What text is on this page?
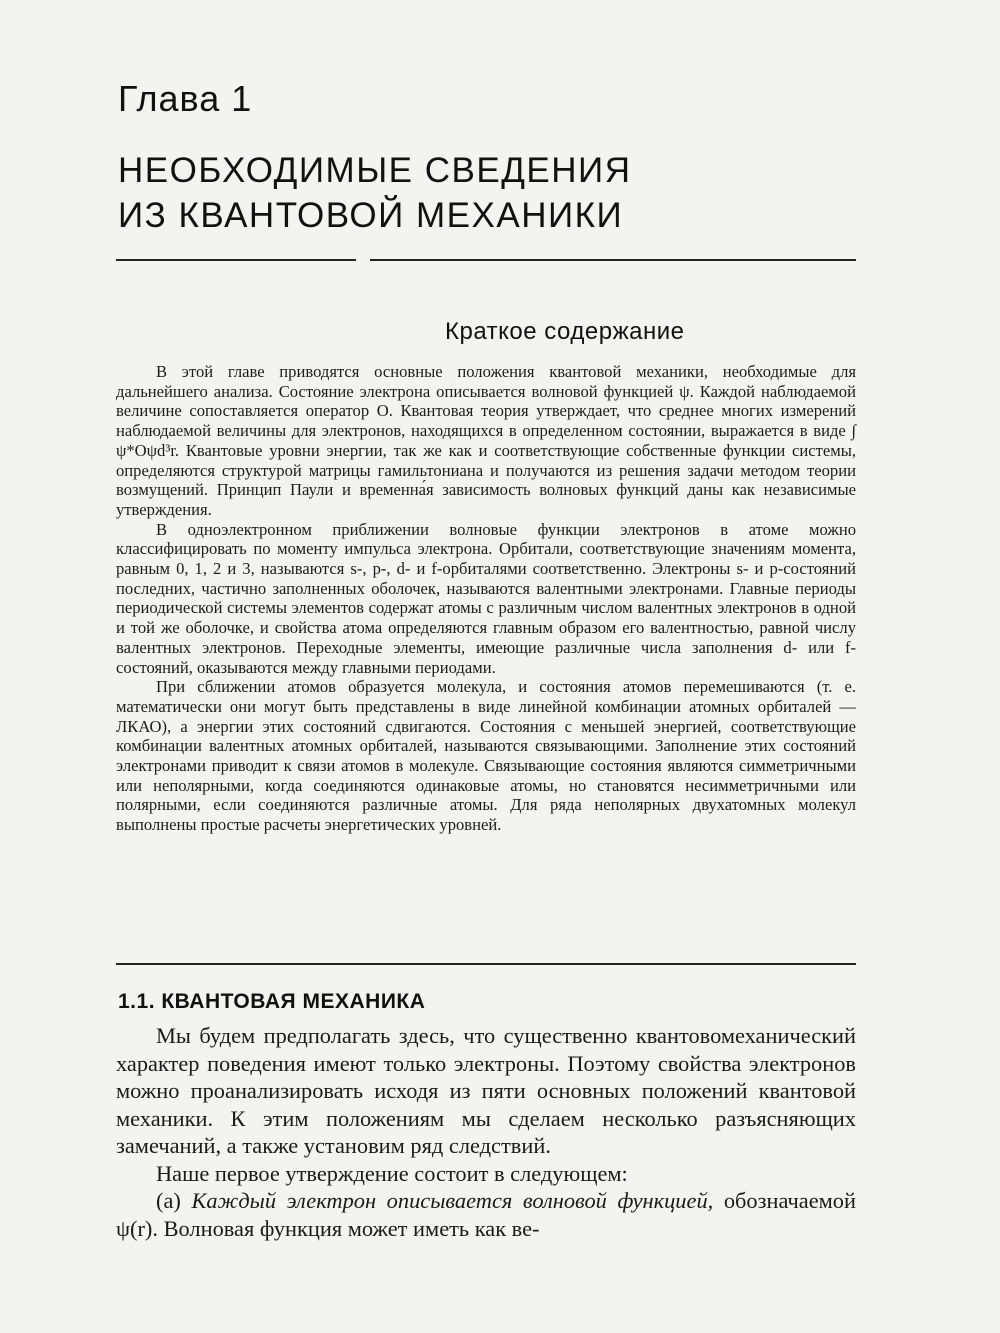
Глава 1
НЕОБХОДИМЫЕ СВЕДЕНИЯ
ИЗ КВАНТОВОЙ МЕХАНИКИ
Краткое содержание

В этой главе приводятся основные положения квантовой механики, необходимые для дальнейшего анализа. Состояние электрона описывается волновой функцией ψ. Каждой наблюдаемой величине сопоставляется оператор O. Квантовая теория утверждает, что среднее многих измерений наблюдаемой величины для электронов, находящихся в определенном состоянии, выражается в виде ∫ ψ*Oψd³r. Квантовые уровни энергии, так же как и соответствующие собственные функции системы, определяются структурой матрицы гамильтониана и получаются из решения задачи методом теории возмущений. Принцип Паули и временна́я зависимость волновых функций даны как независимые утверждения.

В одноэлектронном приближении волновые функции электронов в атоме можно классифицировать по моменту импульса электрона. Орбитали, соответствующие значениям момента, равным 0, 1, 2 и 3, называются s-, p-, d- и f-орбиталями соответственно. Электроны s- и p-состояний последних, частично заполненных оболочек, называются валентными электронами. Главные периоды периодической системы элементов содержат атомы с различным числом валентных электронов в одной и той же оболочке, и свойства атома определяются главным образом его валентностью, равной числу валентных электронов. Переходные элементы, имеющие различные числа заполнения d- или f-состояний, оказываются между главными периодами.

При сближении атомов образуется молекула, и состояния атомов перемешиваются (т. е. математически они могут быть представлены в виде линейной комбинации атомных орбиталей — ЛКАО), а энергии этих состояний сдвигаются. Состояния с меньшей энергией, соответствующие комбинации валентных атомных орбиталей, называются связывающими. Заполнение этих состояний электронами приводит к связи атомов в молекуле. Связывающие состояния являются симметричными или неполярными, когда соединяются одинаковые атомы, но становятся несимметричными или полярными, если соединяются различные атомы. Для ряда неполярных двухатомных молекул выполнены простые расчеты энергетических уровней.

1.1. КВАНТОВАЯ МЕХАНИКА

Мы будем предполагать здесь, что существенно квантовомеханический характер поведения имеют только электроны. Поэтому свойства электронов можно проанализировать исходя из пяти основных положений квантовой механики. К этим положениям мы сделаем несколько разъясняющих замечаний, а также установим ряд следствий.

Наше первое утверждение состоит в следующем:

(а) Каждый электрон описывается волновой функцией, обозначаемой ψ(r). Волновая функция может иметь как ве-
